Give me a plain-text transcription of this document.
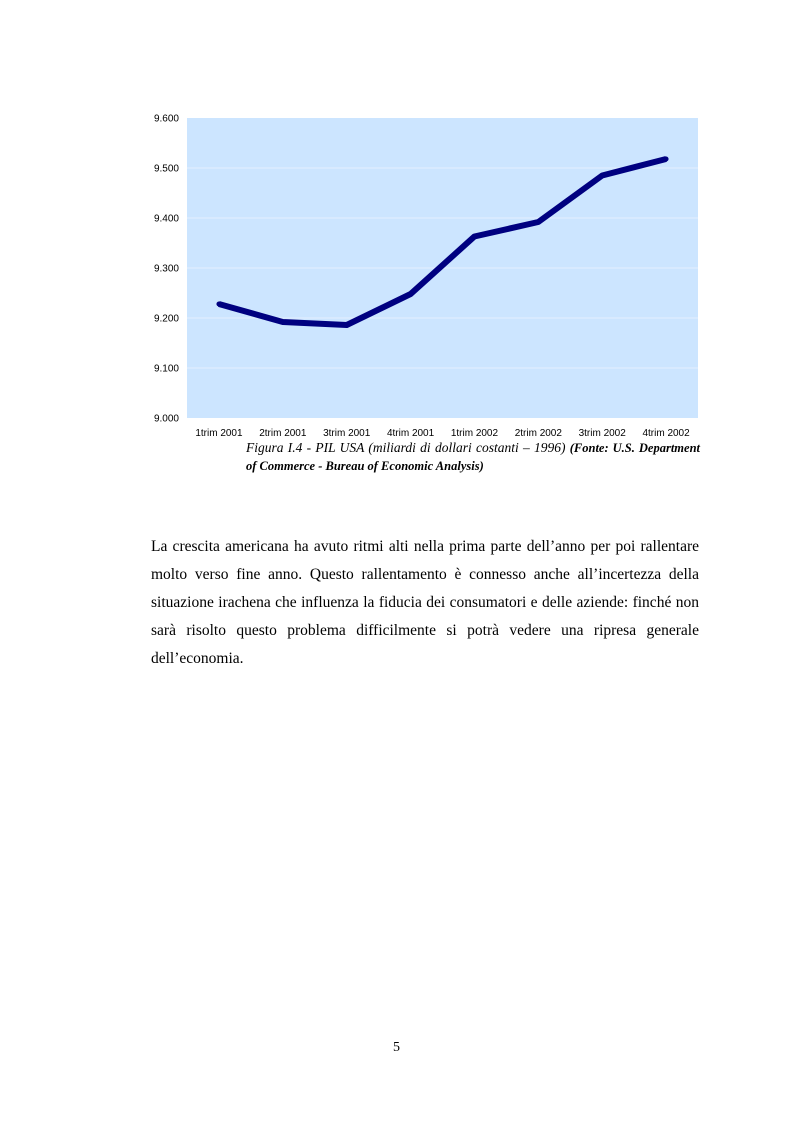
9.000
9.100
9.200
9.300
9.400
9.500
9.600
1trim 2001 2trim 2001 3trim 2001 4trim 2001 1trim 2002 2trim 2002 3trim 2002 4trim 2002
Figura I.4 - PIL USA (miliardi di dollari costanti – 1996) (Fonte: U.S. Department of Commerce - Bureau of Economic Analysis)
La crescita americana ha avuto ritmi alti nella prima parte dell’anno per poi rallentare molto verso fine anno. Questo rallentamento è connesso anche all’incertezza della situazione irachena che influenza la fiducia dei consumatori e delle aziende: finché non sarà risolto questo problema difficilmente si potrà vedere una ripresa generale dell’economia.
5
